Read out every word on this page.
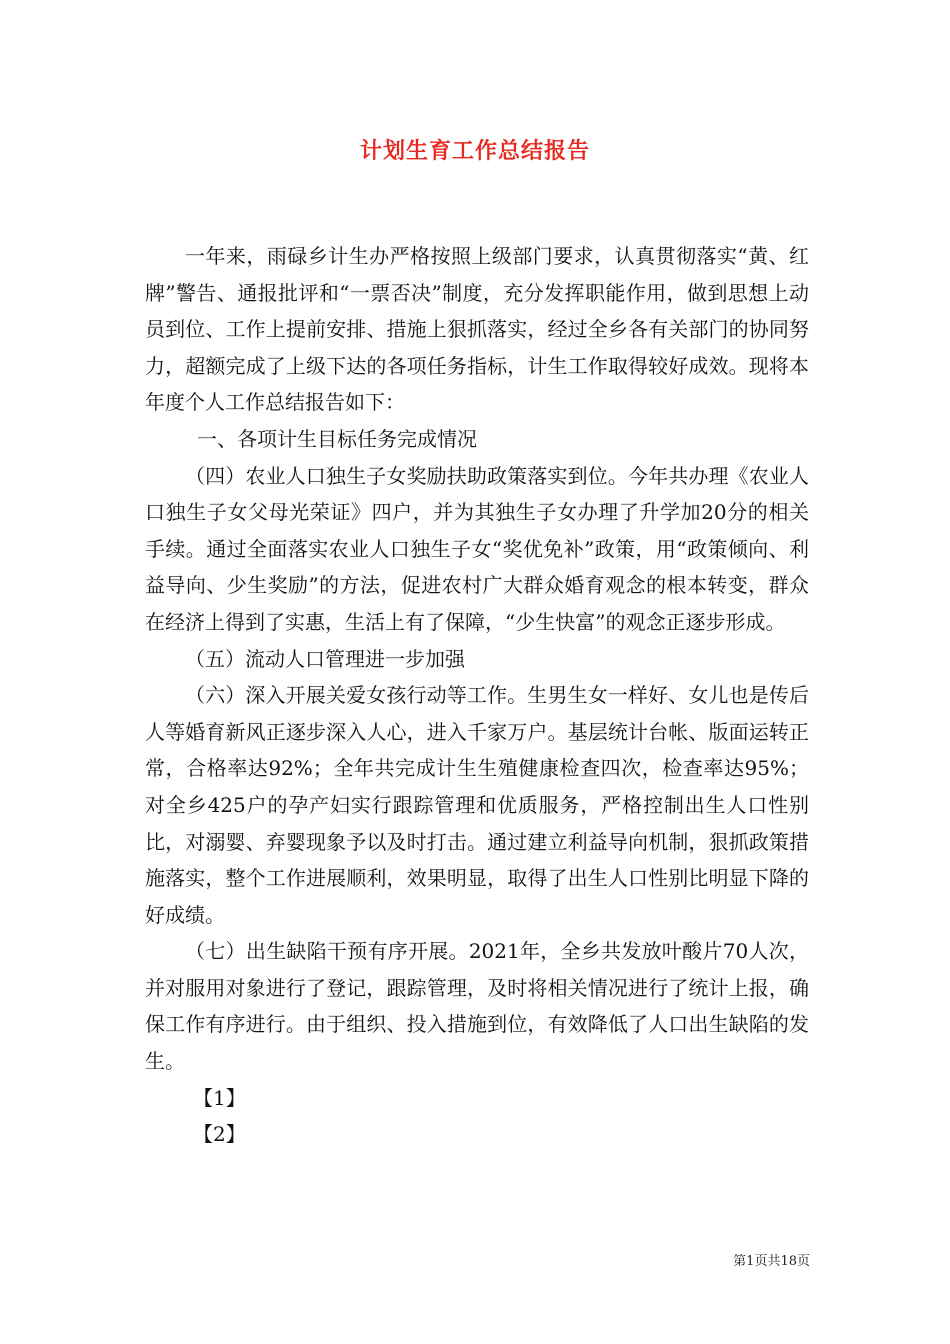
计划生育工作总结报告

一年来，雨碌乡计生办严格按照上级部门要求，认真贯彻落实“黄、红牌”警告、通报批评和“一票否决”制度，充分发挥职能作用，做到思想上动员到位、工作上提前安排、措施上狠抓落实，经过全乡各有关部门的协同努力，超额完成了上级下达的各项任务指标，计生工作取得较好成效。现将本年度个人工作总结报告如下：

一、各项计生目标任务完成情况

（四）农业人口独生子女奖励扶助政策落实到位。今年共办理《农业人口独生子女父母光荣证》四户，并为其独生子女办理了升学加20分的相关手续。通过全面落实农业人口独生子女“奖优免补”政策，用“政策倾向、利益导向、少生奖励”的方法，促进农村广大群众婚育观念的根本转变，群众在经济上得到了实惠，生活上有了保障，“少生快富”的观念正逐步形成。

（五）流动人口管理进一步加强

（六）深入开展关爱女孩行动等工作。生男生女一样好、女儿也是传后人等婚育新风正逐步深入人心，进入千家万户。基层统计台帐、版面运转正常，合格率达92%；全年共完成计生生殖健康检查四次，检查率达95%；对全乡425户的孕产妇实行跟踪管理和优质服务，严格控制出生人口性别比，对溺婴、弃婴现象予以及时打击。通过建立利益导向机制，狠抓政策措施落实，整个工作进展顺利，效果明显，取得了出生人口性别比明显下降的好成绩。

（七）出生缺陷干预有序开展。2021年，全乡共发放叶酸片70人次，并对服用对象进行了登记，跟踪管理，及时将相关情况进行了统计上报，确保工作有序进行。由于组织、投入措施到位，有效降低了人口出生缺陷的发生。

【1】

【2】

第1页共18页
